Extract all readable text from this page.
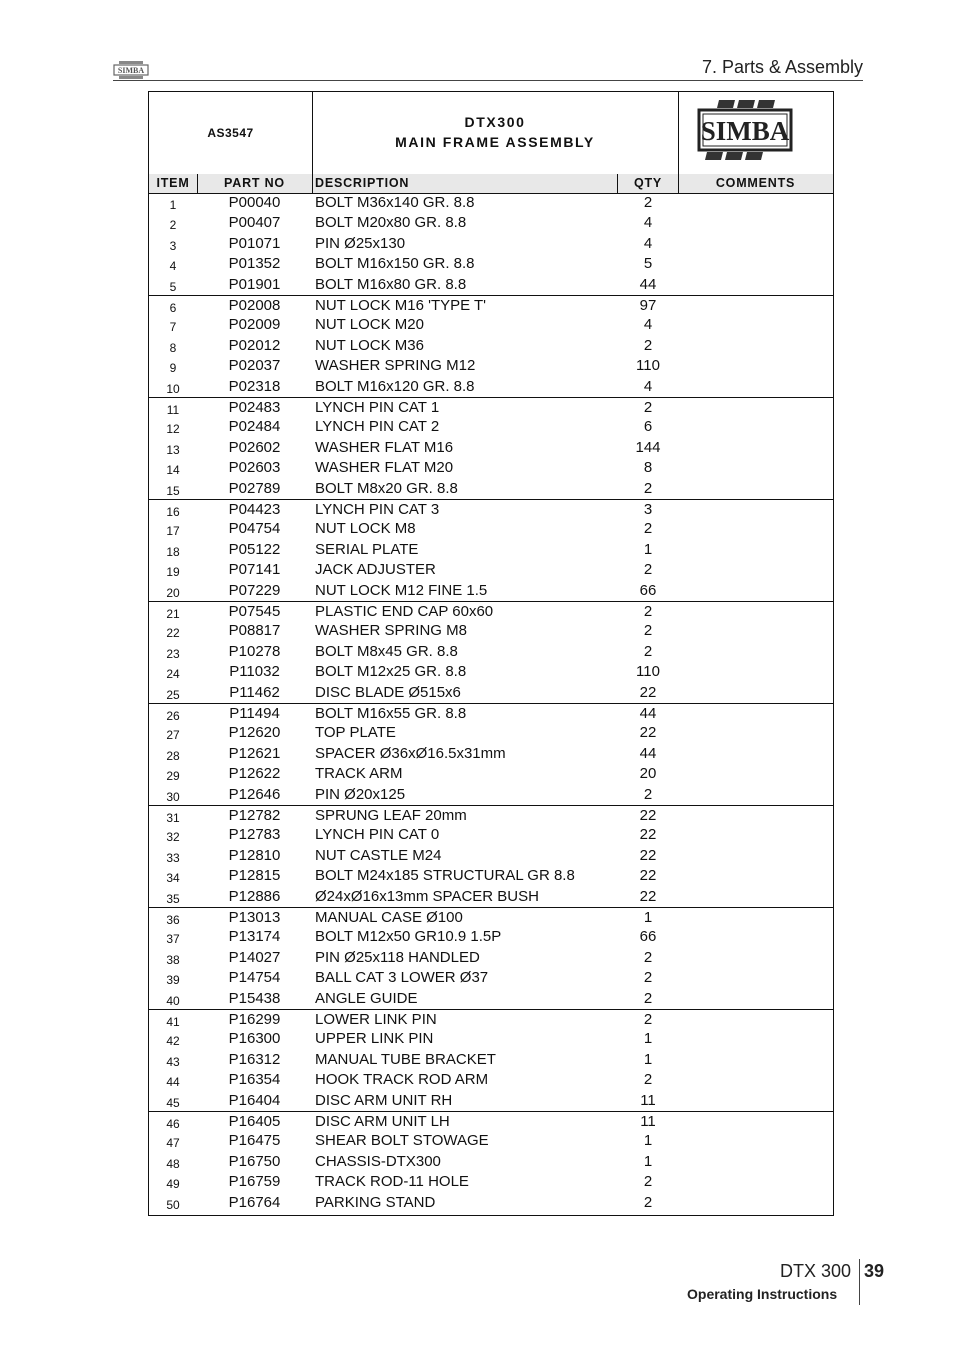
SIMBA	7. Parts & Assembly
AS3547
DTX300
MAIN FRAME ASSEMBLY	SIMBA
ITEM	PART NO	DESCRIPTION	QTY	COMMENTS
1	P00040	BOLT M36x140 GR. 8.8	2
2	P00407	BOLT M20x80 GR. 8.8	4
3	P01071	PIN Ø25x130	4
4	P01352	BOLT M16x150 GR. 8.8	5
5	P01901	BOLT M16x80 GR. 8.8	44
6	P02008	NUT LOCK M16 'TYPE T'	97
7	P02009	NUT LOCK M20	4
8	P02012	NUT LOCK M36	2
9	P02037	WASHER SPRING M12	110
10	P02318	BOLT M16x120 GR. 8.8	4
11	P02483	LYNCH PIN CAT 1	2
12	P02484	LYNCH PIN CAT 2	6
13	P02602	WASHER FLAT M16	144
14	P02603	WASHER FLAT M20	8
15	P02789	BOLT M8x20 GR. 8.8	2
16	P04423	LYNCH PIN CAT 3	3
17	P04754	NUT LOCK M8	2
18	P05122	SERIAL PLATE	1
19	P07141	JACK ADJUSTER	2
20	P07229	NUT LOCK M12 FINE 1.5	66
21	P07545	PLASTIC END CAP 60x60	2
22	P08817	WASHER SPRING M8	2
23	P10278	BOLT M8x45 GR. 8.8	2
24	P11032	BOLT M12x25 GR. 8.8	110
25	P11462	DISC BLADE Ø515x6	22
26	P11494	BOLT M16x55 GR. 8.8	44
27	P12620	TOP PLATE	22
28	P12621	SPACER Ø36xØ16.5x31mm	44
29	P12622	TRACK ARM	20
30	P12646	PIN Ø20x125	2
31	P12782	SPRUNG LEAF 20mm	22
32	P12783	LYNCH PIN CAT 0	22
33	P12810	NUT CASTLE M24	22
34	P12815	BOLT M24x185 STRUCTURAL GR 8.8	22
35	P12886	Ø24xØ16x13mm SPACER BUSH	22
36	P13013	MANUAL CASE Ø100	1
37	P13174	BOLT M12x50 GR10.9 1.5P	66
38	P14027	PIN Ø25x118 HANDLED	2
39	P14754	BALL CAT 3 LOWER Ø37	2
40	P15438	ANGLE GUIDE	2
41	P16299	LOWER LINK PIN	2
42	P16300	UPPER LINK PIN	1
43	P16312	MANUAL TUBE BRACKET	1
44	P16354	HOOK TRACK ROD ARM	2
45	P16404	DISC ARM UNIT RH	11
46	P16405	DISC ARM UNIT LH	11
47	P16475	SHEAR BOLT STOWAGE	1
48	P16750	CHASSIS-DTX300	1
49	P16759	TRACK ROD-11 HOLE	2
50	P16764	PARKING STAND	2
DTX 300 39
Operating Instructions
